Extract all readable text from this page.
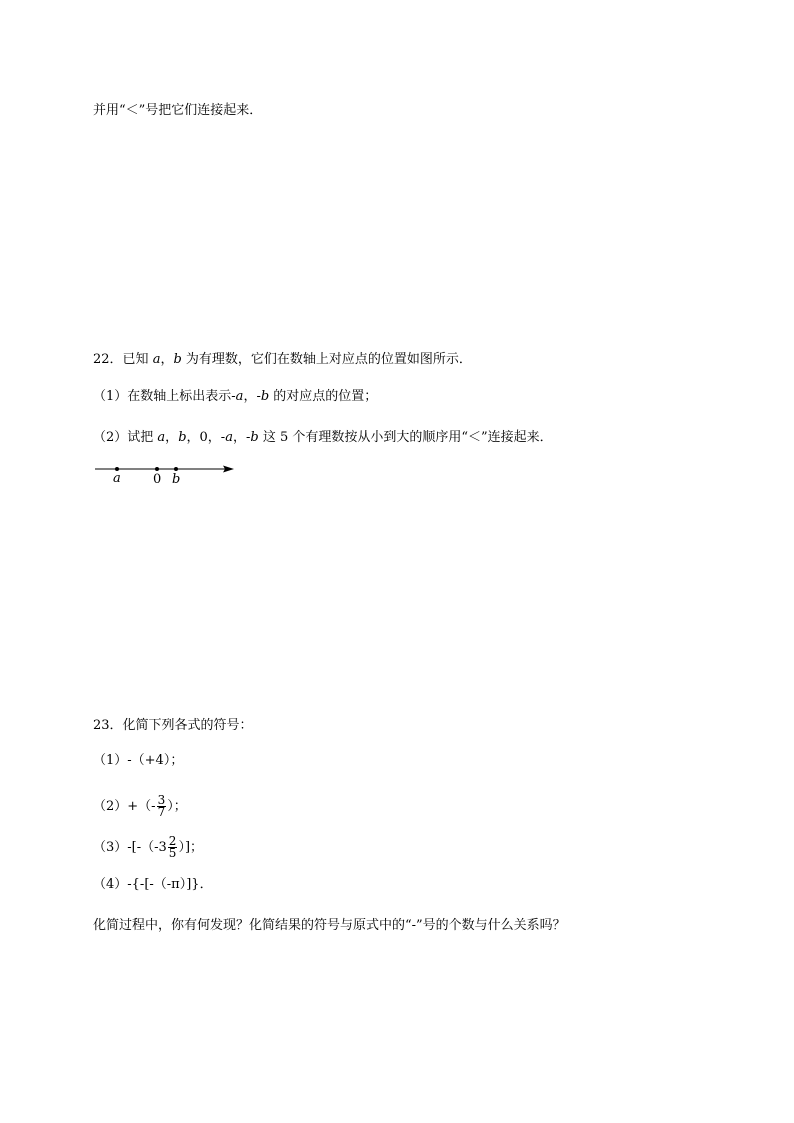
并用“＜”号把它们连接起来．
22．已知 a，b 为有理数，它们在数轴上对应点的位置如图所示．
（1）在数轴上标出表示-a，-b 的对应点的位置；
（2）试把 a，b，0，-a，-b 这 5 个有理数按从小到大的顺序用“＜”连接起来．
a 0 b
23．化简下列各式的符号：
（1）-（+4）；
$(2)+(- \frac{3}{7}$ ）；
$(3)-[-(-3 \frac{2}{5}$ ）]；
（4）-{-[-（-π）]}．
化简过程中，你有何发现？化简结果的符号与原式中的“-”号的个数与什么关系吗？
